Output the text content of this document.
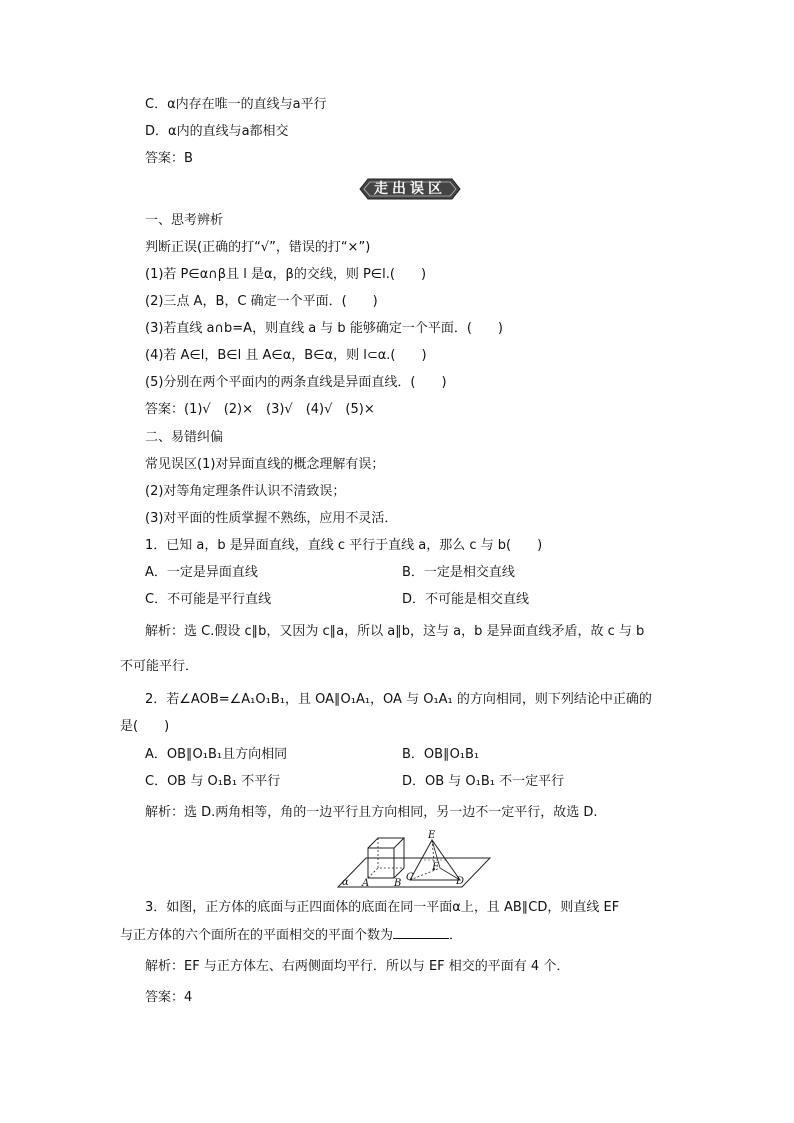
C．α内存在唯一的直线与a平行
D．α内的直线与a都相交
答案：B
走出误区
一、思考辨析
判断正误(正确的打“√”，错误的打“×”)
(1)若 P∈α∩β且 l 是α，β的交线，则 P∈l.(　　)
(2)三点 A，B，C 确定一个平面．(　　)
(3)若直线 a∩b=A，则直线 a 与 b 能够确定一个平面．(　　)
(4)若 A∈l，B∈l 且 A∈α，B∈α，则 l⊂α.(　　)
(5)分别在两个平面内的两条直线是异面直线．(　　)
答案：(1)√　(2)×　(3)√　(4)√　(5)×
二、易错纠偏
常见误区(1)对异面直线的概念理解有误；
(2)对等角定理条件认识不清致误；
(3)对平面的性质掌握不熟练，应用不灵活．
1．已知 a，b 是异面直线，直线 c 平行于直线 a，那么 c 与 b(　　)
A．一定是异面直线	B．一定是相交直线
C．不可能是平行直线	D．不可能是相交直线
解析：选 C.假设 c∥b，又因为 c∥a，所以 a∥b，这与 a，b 是异面直线矛盾，故 c 与 b
不可能平行．
2．若∠AOB=∠A₁O₁B₁，且 OA∥O₁A₁，OA 与 O₁A₁ 的方向相同，则下列结论中正确的
是(　　)
A．OB∥O₁B₁且方向相同	B．OB∥O₁B₁
C．OB 与 O₁B₁ 不平行	D．OB 与 O₁B₁ 不一定平行
解析：选 D.两角相等，角的一边平行且方向相同，另一边不一定平行，故选 D.
E
F
α A B
C	D
3．如图，正方体的底面与正四面体的底面在同一平面α上，且 AB∥CD，则直线 EF
与正方体的六个面所在的平面相交的平面个数为	．
解析：EF 与正方体左、右两侧面均平行．所以与 EF 相交的平面有 4 个．
答案：4
